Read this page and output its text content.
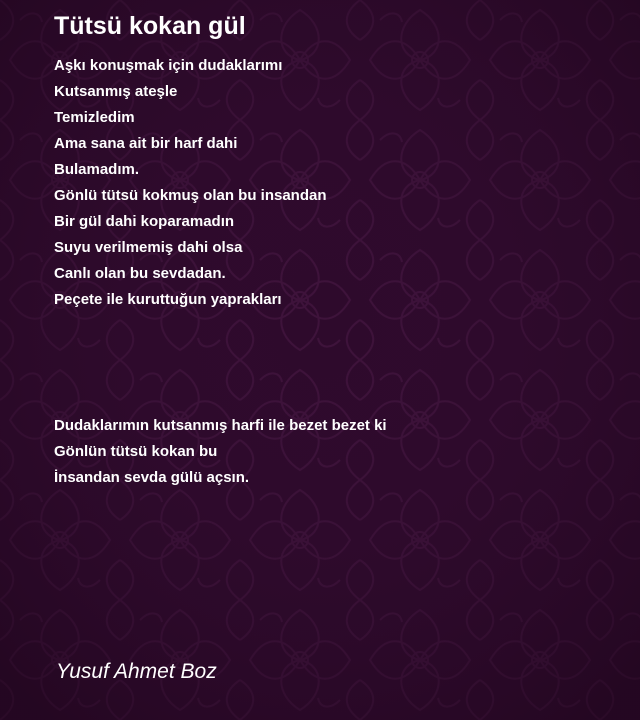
Tütsü kokan gül
Aşkı konuşmak için dudaklarımı
Kutsanmış ateşle
Temizledim
Ama sana ait bir harf dahi
Bulamadım.
Gönlü tütsü kokmuş olan bu insandan
Bir gül dahi koparamadın
Suyu verilmemiş dahi olsa
Canlı olan bu sevdadan.
Peçete ile kuruttuğun yaprakları
Dudaklarımın kutsanmış harfi ile bezet bezet ki
Gönlün tütsü kokan bu
İnsandan sevda gülü açsın.

Yusuf Ahmet Boz
